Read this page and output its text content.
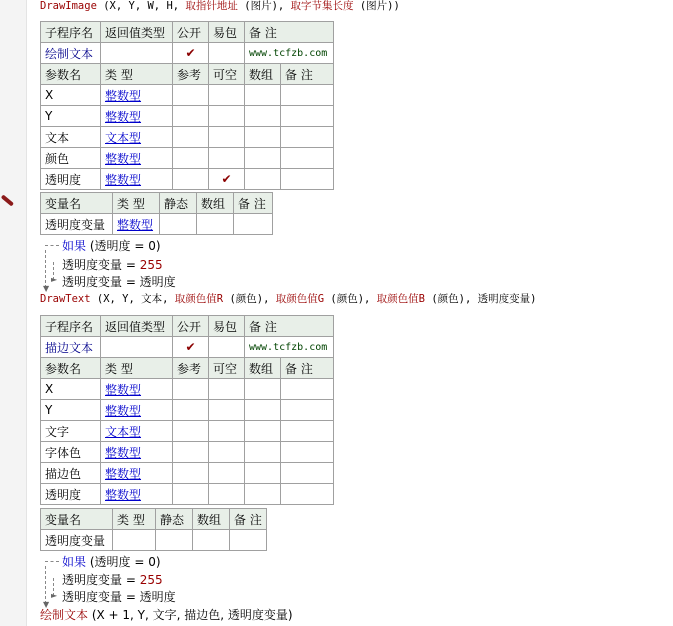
DrawImage (X, Y, W, H, 取指针地址 (图片), 取字节集长度 (图片))
子程序名	返回值类型	公开	易包	备 注	
绘制文本		✔		www.tcfzb.com	
参数名	类 型	参考	可空	数组	备 注
X	整数型				
Y	整数型				
文本	文本型				
颜色	整数型				
透明度	整数型		✔		
变量名	类 型	静态	数组	备 注
透明度变量	整数型			
▼
►
如果 (透明度 = 0)
透明度变量 = 255
透明度变量 = 透明度
DrawText (X, Y, 文本, 取颜色值R (颜色), 取颜色值G (颜色), 取颜色值B (颜色), 透明度变量)
子程序名	返回值类型	公开	易包	备 注	
描边文本		✔		www.tcfzb.com	
参数名	类 型	参考	可空	数组	备 注
X	整数型				
Y	整数型				
文字	文本型				
字体色	整数型				
描边色	整数型				
透明度	整数型				
变量名	类 型	静态	数组	备 注
透明度变量				
▼
►
如果 (透明度 = 0)
透明度变量 = 255
透明度变量 = 透明度
绘制文本 (X + 1, Y, 文字, 描边色, 透明度变量)
